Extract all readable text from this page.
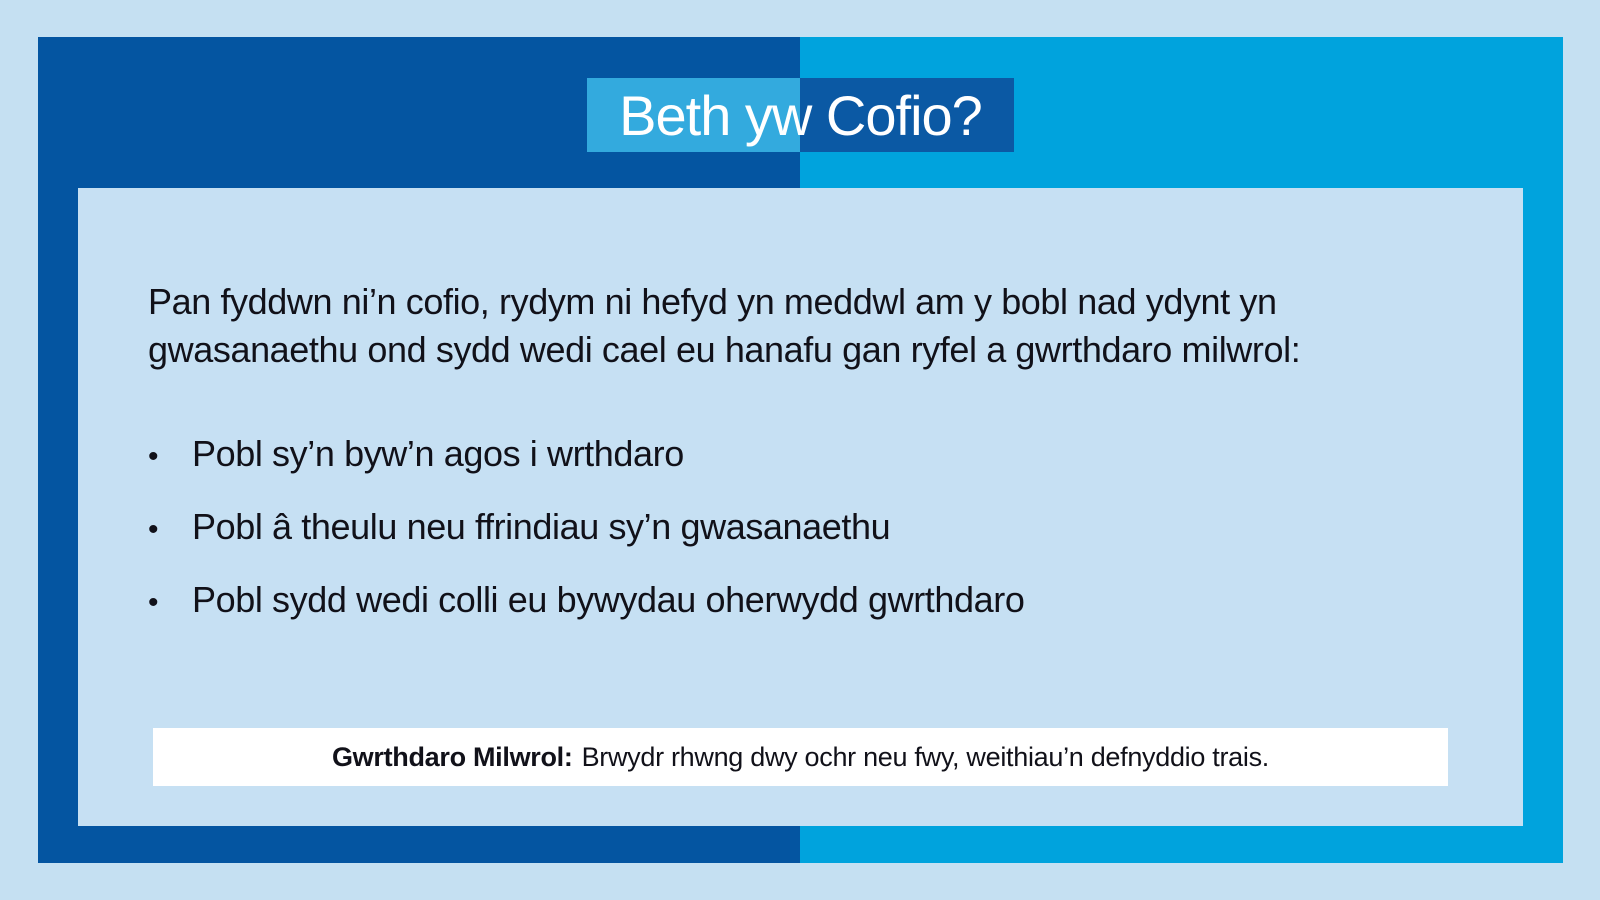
Pan fyddwn ni’n cofio, rydym ni hefyd yn meddwl am y bobl nad ydynt yn gwasanaethu ond sydd wedi cael eu hanafu gan ryfel a gwrthdaro milwrol:

•
Pobl sy’n byw’n agos i wrthdaro
•
Pobl â theulu neu ffrindiau sy’n gwasanaethu
•
Pobl sydd wedi colli eu bywydau oherwydd gwrthdaro
Gwrthdaro Milwrol: Brwydr rhwng dwy ochr neu fwy, weithiau’n defnyddio trais.
Beth yw Cofio?
